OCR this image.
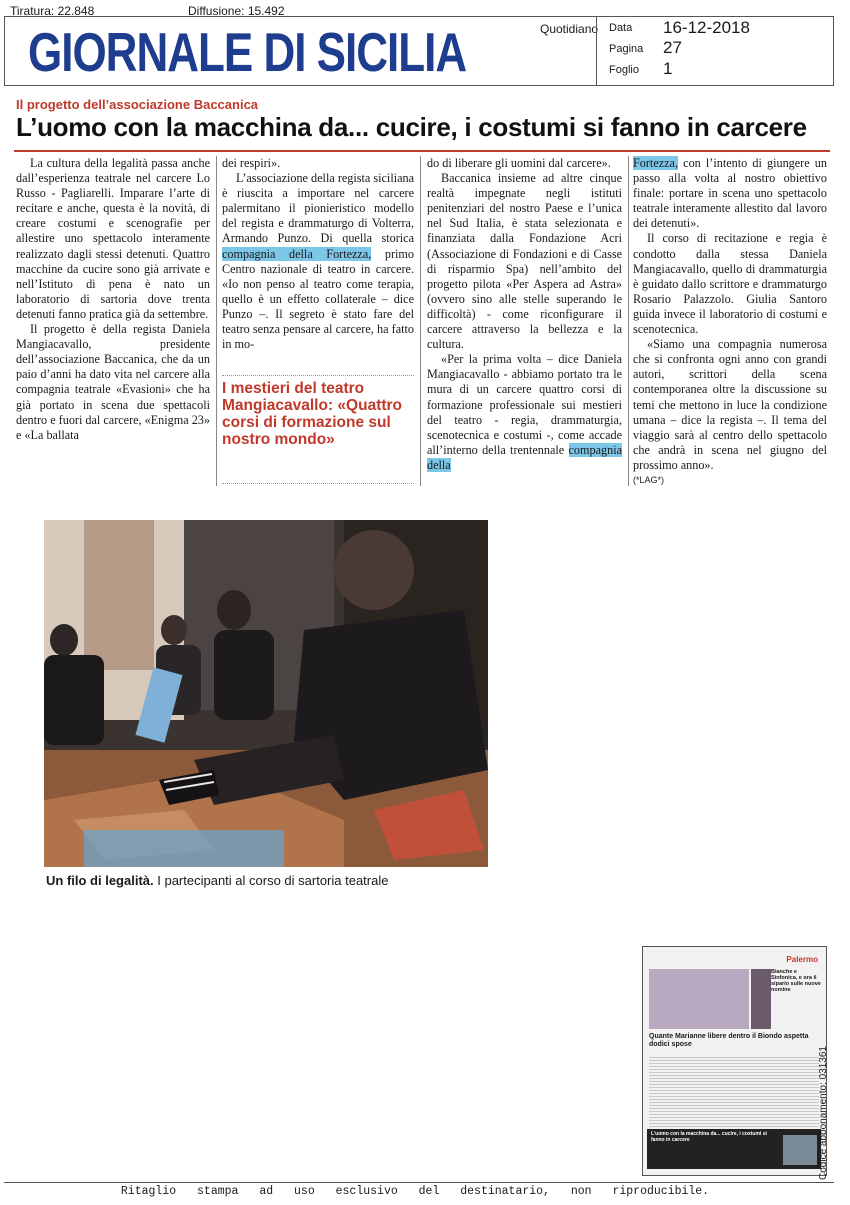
Tiratura: 22.848	Diffusione: 15.492
GIORNALE DI SICILIA	Quotidiano Data 16-12-2018
Pagina 27
Foglio 1
Il progetto dell’associazione Baccanica
L’uomo con la macchina da... cucire, i costumi si fanno in carcere

La cultura della legalità passa anche dall’esperienza teatrale nel carcere Lo Russo - Pagliarelli. Imparare l’arte di recitare e anche, questa è la novità, di creare costumi e scenografie per allestire uno spettacolo interamente realizzato dagli stessi detenuti. Quattro macchine da cucire sono già arrivate e nell’Istituto di pena è nato un laboratorio di sartoria dove trenta detenuti fanno pratica già da settembre.

Il progetto è della regista Daniela Mangiacavallo, presidente dell’associazione Baccanica, che da un paio d’anni ha dato vita nel carcere alla compagnia teatrale «Evasioni» che ha già portato in scena due spettacoli dentro e fuori dal carcere, «Enigma 23» e «La ballata

dei respiri».

L’associazione della regista siciliana è riuscita a importare nel carcere palermitano il pionieristico modello del regista e drammaturgo di Volterra, Armando Punzo. Di quella storica compagnia della Fortezza, primo Centro nazionale di teatro in carcere. «Io non penso al teatro come terapia, quello è un effetto collaterale – dice Punzo –. Il segreto è stato fare del teatro senza pensare al carcere, ha fatto in mo-

I mestieri del teatro Mangiacavallo: «Quattro corsi di formazione sul nostro mondo»

do di liberare gli uomini dal carcere».

Baccanica insieme ad altre cinque realtà impegnate negli istituti penitenziari del nostro Paese e l’unica nel Sud Italia, è stata selezionata e finanziata dalla Fondazione Acri (Associazione di Fondazioni e di Casse di risparmio Spa) nell’ambito del progetto pilota «Per Aspera ad Astra» (ovvero sino alle stelle superando le difficoltà) - come riconfigurare il carcere attraverso la bellezza e la cultura.

«Per la prima volta – dice Daniela Mangiacavallo - abbiamo portato tra le mura di un carcere quattro corsi di formazione professionale sui mestieri del teatro - regia, drammaturgia, scenotecnica e costumi -, come accade all’interno della trentennale compagnia della

Fortezza, con l’intento di giungere un passo alla volta al nostro obiettivo finale: portare in scena uno spettacolo teatrale interamente allestito dal lavoro dei detenuti».

Il corso di recitazione e regia è condotto dalla stessa Daniela Mangiacavallo, quello di drammaturgia è guidato dallo scrittore e drammaturgo Rosario Palazzolo. Giulia Santoro guida invece il laboratorio di costumi e scenotecnica.

«Siamo una compagnia numerosa che si confronta ogni anno con grandi autori, scrittori della scena contemporanea oltre la discussione su temi che mettono in luce la condizione umana – dice la regista –. Il tema del viaggio sarà al centro dello spettacolo che andrà in scena nel giugno del prossimo anno».

(*LAG*)
Un filo di legalità. I partecipanti al corso di sartoria teatrale
Palermo
Bianche e Sinfonica, e ora il sipario sulle nuove nomine
Quante Marianne libere dentro il Biondo aspetta dodici spose
L’uomo con la macchina da... cucire, i costumi si fanno in carcere
Ritaglio stampa ad uso esclusivo del destinatario, non riproducibile.
Codice abbonamento: 031361
